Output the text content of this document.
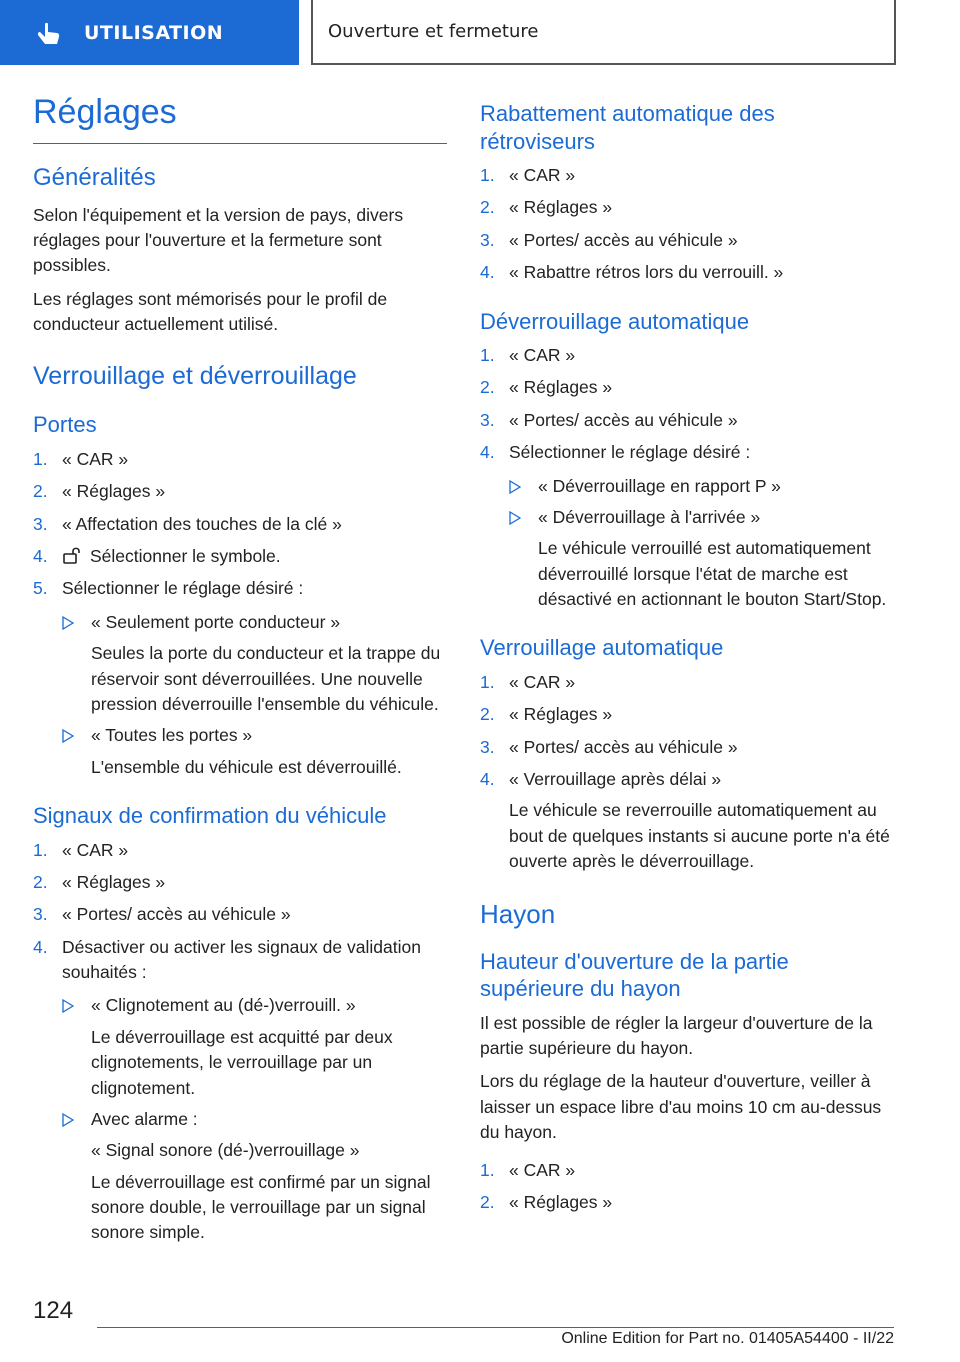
UTILISATION	Ouverture et fermeture
Réglages
Généralités

Selon l'équipement et la version de pays, divers réglages pour l'ouverture et la fermeture sont possibles.

Les réglages sont mémorisés pour le profil de conducteur actuellement utilisé.

Verrouillage et déverrouillage
Portes
1. « CAR »
2. « Réglages »
3. « Affectation des touches de la clé »
4. Sélectionner le symbole.
5. Sélectionner le réglage désiré :
« Seulement porte conducteur »
Seules la porte du conducteur et la trappe du réservoir sont déverrouillées. Une nouvelle pression déverrouille l'ensemble du véhicule.
« Toutes les portes »
L'ensemble du véhicule est déverrouillé.
Signaux de confirmation du véhicule
1. « CAR »
2. « Réglages »
3. « Portes/ accès au véhicule »
4. Désactiver ou activer les signaux de validation souhaités :
« Clignotement au (dé-)verrouill. »
Le déverrouillage est acquitté par deux clignotements, le verrouillage par un clignotement.
Avec alarme :
« Signal sonore (dé-)verrouillage »
Le déverrouillage est confirmé par un signal sonore double, le verrouillage par un signal sonore simple.
Rabattement automatique des rétroviseurs
1. « CAR »
2. « Réglages »
3. « Portes/ accès au véhicule »
4. « Rabattre rétros lors du verrouill. »
Déverrouillage automatique
1. « CAR »
2. « Réglages »
3. « Portes/ accès au véhicule »
4. Sélectionner le réglage désiré :
« Déverrouillage en rapport P »
« Déverrouillage à l'arrivée »
Le véhicule verrouillé est automatiquement déverrouillé lorsque l'état de marche est désactivé en actionnant le bouton Start/Stop.
Verrouillage automatique
1. « CAR »
2. « Réglages »
3. « Portes/ accès au véhicule »
4. « Verrouillage après délai »
Le véhicule se reverrouille automatiquement au bout de quelques instants si aucune porte n'a été ouverte après le déverrouillage.
Hayon
Hauteur d'ouverture de la partie supérieure du hayon

Il est possible de régler la largeur d'ouverture de la partie supérieure du hayon.

Lors du réglage de la hauteur d'ouverture, veiller à laisser un espace libre d'au moins 10 cm au-dessus du hayon.

1. « CAR »
2. « Réglages »
124
Online Edition for Part no. 01405A54400 - II/22
